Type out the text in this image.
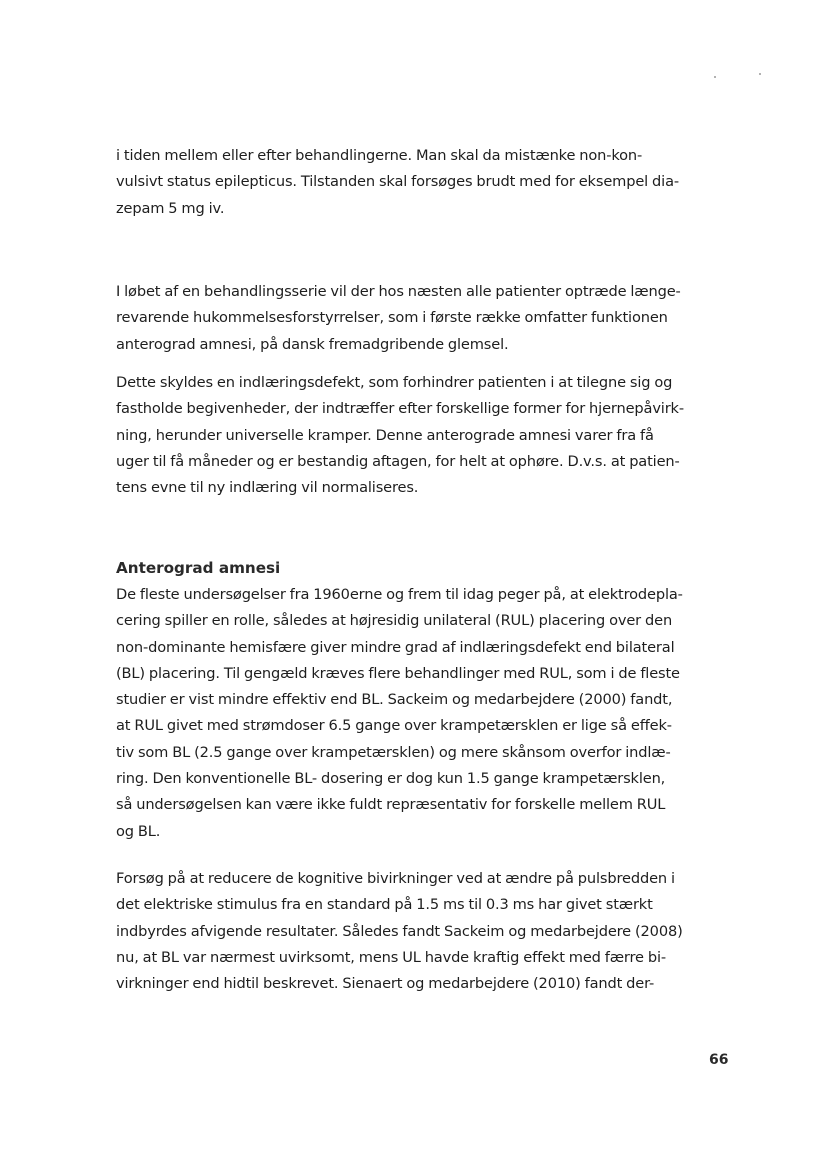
i tiden mellem eller efter behandlingerne. Man skal da mistænke non-kon-
vulsivt status epilepticus. Tilstanden skal forsøges brudt med for eksempel dia-
zepam 5 mg iv.
I løbet af en behandlingsserie vil der hos næsten alle patienter optræde længe-
revarende hukommelsesforstyrrelser, som i første række omfatter funktionen
anterograd amnesi, på dansk fremadgribende glemsel.
Dette skyldes en indlæringsdefekt, som forhindrer patienten i at tilegne sig og
fastholde begivenheder, der indtræffer efter forskellige former for hjernepåvirk-
ning, herunder universelle kramper. Denne anterograde amnesi varer fra få
uger til få måneder og er bestandig aftagen, for helt at ophøre. D.v.s. at patien-
tens evne til ny indlæring vil normaliseres.
Anterograd amnesi
De fleste undersøgelser fra 1960erne og frem til idag peger på, at elektrodepla-
cering spiller en rolle, således at højresidig unilateral (RUL) placering over den
non-dominante hemisfære giver mindre grad af indlæringsdefekt end bilateral
(BL) placering. Til gengæld kræves flere behandlinger med RUL, som i de fleste
studier er vist mindre effektiv end BL. Sackeim og medarbejdere (2000) fandt,
at RUL givet med strømdoser 6.5 gange over krampetærsklen er lige så effek-
tiv som BL (2.5 gange over krampetærsklen) og mere skånsom overfor indlæ-
ring. Den konventionelle BL- dosering er dog kun 1.5 gange krampetærsklen,
så undersøgelsen kan være ikke fuldt repræsentativ for forskelle mellem RUL
og BL.
Forsøg på at reducere de kognitive bivirkninger ved at ændre på pulsbredden i
det elektriske stimulus fra en standard på 1.5 ms til 0.3 ms har givet stærkt
indbyrdes afvigende resultater. Således fandt Sackeim og medarbejdere (2008)
nu, at BL var nærmest uvirksomt, mens UL havde kraftig effekt med færre bi-
virkninger end hidtil beskrevet. Sienaert og medarbejdere (2010) fandt der-
66
